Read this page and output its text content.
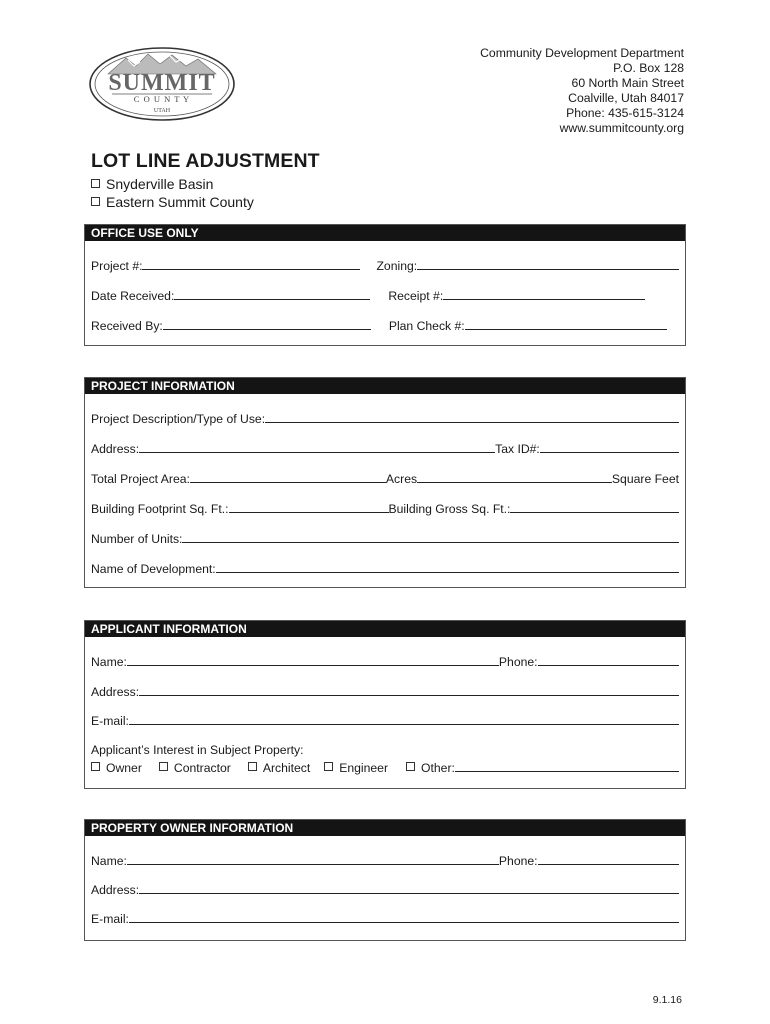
SUMMIT
C O U N T Y
UTAH
Community Development Department
P.O. Box 128
60 North Main Street
Coalville, Utah 84017
Phone: 435-615-3124
www.summitcounty.org
LOT LINE ADJUSTMENT
Snyderville Basin
Eastern Summit County
OFFICE USE ONLY
Project #:	Zoning:
Date Received:	Receipt #:
Received By:	Plan Check #:
PROJECT INFORMATION
Project Description/Type of Use:
Address:	Tax ID#:
Total Project Area:	Acres	Square Feet
Building Footprint Sq. Ft.:	Building Gross Sq. Ft.:
Number of Units:
Name of Development:
APPLICANT INFORMATION
Name:	Phone:
Address:
E-mail:
Applicant’s Interest in Subject Property:
Owner	Contractor	Architect	Engineer	Other:
PROPERTY OWNER INFORMATION
Name:	Phone:
Address:
E-mail:
9.1.16
